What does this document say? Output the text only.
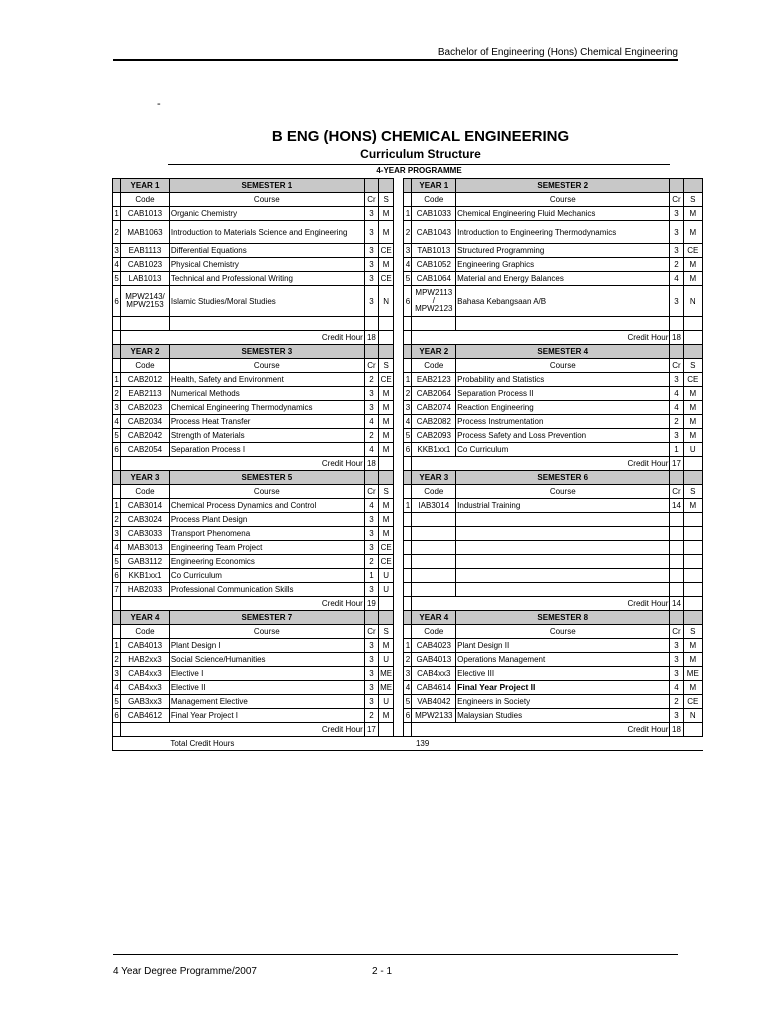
Bachelor of Engineering (Hons) Chemical Engineering
-
B ENG (HONS) CHEMICAL ENGINEERING
Curriculum Structure
4-YEAR PROGRAMME
	YEAR 1	SEMESTER 1					YEAR 1	SEMESTER 2		
	Code	Course	Cr	S			Code	Course	Cr	S
1	CAB1013	Organic Chemistry	3	M		1	CAB1033	Chemical Engineering Fluid Mechanics	3	M
2	MAB1063	Introduction to Materials Science and Engineering	3	M		2	CAB1043	Introduction to Engineering Thermodynamics	3	M
3	EAB1113	Differential Equations	3	CE		3	TAB1013	Structured Programming	3	CE
4	CAB1023	Physical Chemistry	3	M		4	CAB1052	Engineering Graphics	2	M
5	LAB1013	Technical and Professional Writing	3	CE		5	CAB1064	Material and Energy Balances	4	M
6	MPW2143/ MPW2153	Islamic Studies/Moral Studies	3	N		6	MPW2113 / MPW2123	Bahasa Kebangsaan A/B	3	N

	Credit Hour		18				Credit Hour		18	
	YEAR 2	SEMESTER 3					YEAR 2	SEMESTER 4		
	Code	Course	Cr	S			Code	Course	Cr	S
1	CAB2012	Health, Safety and Environment	2	CE		1	EAB2123	Probability and Statistics	3	CE
2	EAB2113	Numerical Methods	3	M		2	CAB2064	Separation Process II	4	M
3	CAB2023	Chemical Engineering Thermodynamics	3	M		3	CAB2074	Reaction Engineering	4	M
4	CAB2034	Process Heat Transfer	4	M		4	CAB2082	Process Instrumentation	2	M
5	CAB2042	Strength of Materials	2	M		5	CAB2093	Process Safety and Loss Prevention	3	M
6	CAB2054	Separation Process I	4	M		6	KKB1xx1	Co Curriculum	1	U
	Credit Hour		18				Credit Hour		17	
	YEAR 3	SEMESTER 5					YEAR 3	SEMESTER 6		
	Code	Course	Cr	S			Code	Course	Cr	S
1	CAB3014	Chemical Process Dynamics and Control	4	M		1	IAB3014	Industrial Training	14	M
2	CAB3024	Process Plant Design	3	M						
3	CAB3033	Transport Phenomena	3	M						
4	MAB3013	Engineering Team Project	3	CE						
5	GAB3112	Engineering Economics	2	CE						
6	KKB1xx1	Co Curriculum	1	U						
7	HAB2033	Professional Communication Skills	3	U						
	Credit Hour		19				Credit Hour		14	
	YEAR 4	SEMESTER 7					YEAR 4	SEMESTER 8		
	Code	Course	Cr	S			Code	Course	Cr	S
1	CAB4013	Plant Design I	3	M		1	CAB4023	Plant Design II	3	M
2	HAB2xx3	Social Science/Humanities	3	U		2	GAB4013	Operations Management	3	M
3	CAB4xx3	Elective I	3	ME		3	CAB4xx3	Elective III	3	ME
4	CAB4xx3	Elective II	3	ME		4	CAB4614	Final Year Project II	4	M
5	GAB3xx3	Management Elective	3	U		5	VAB4042	Engineers in Society	2	CE
6	CAB4612	Final Year Project I	2	M		6	MPW2133	Malaysian Studies	3	N
	Credit Hour		17				Credit Hour		18	
		Total Credit Hours					139			
4 Year Degree Programme/2007	2 - 1
